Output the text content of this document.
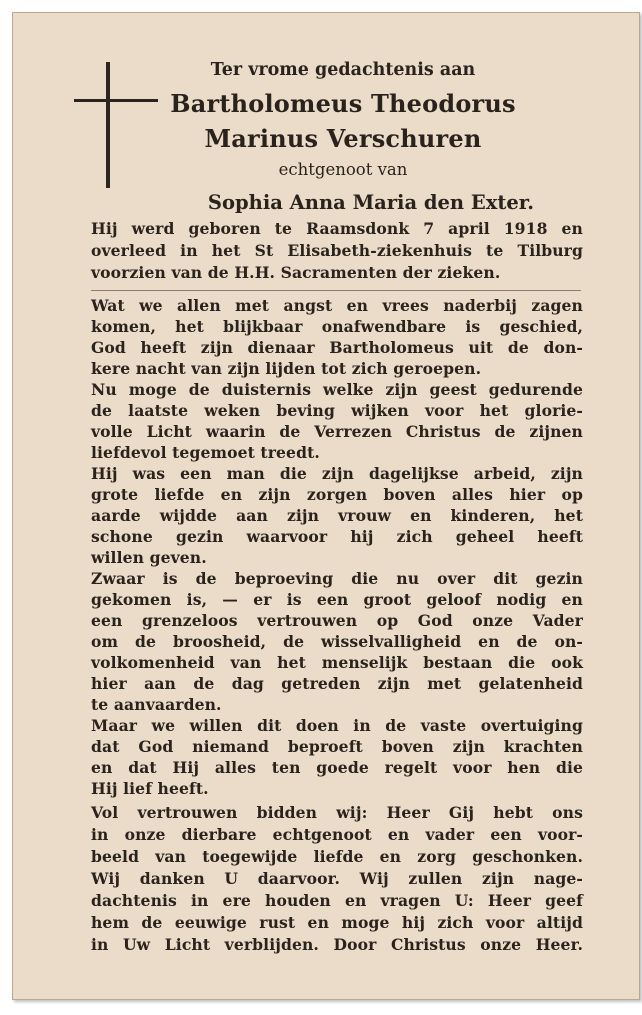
Ter vrome gedachtenis aan
Bartholomeus Theodorus
Marinus Verschuren
echtgenoot van
Sophia Anna Maria den Exter.
Hij werd geboren te Raamsdonk 7 april 1918 en
overleed in het St Elisabeth-ziekenhuis te Tilburg
voorzien van de H.H. Sacramenten der zieken.
Wat we allen met angst en vrees naderbij zagen
komen, het blijkbaar onafwendbare is geschied,
God heeft zijn dienaar Bartholomeus uit de don-
kere nacht van zijn lijden tot zich geroepen.
Nu moge de duisternis welke zijn geest gedurende
de laatste weken beving wijken voor het glorie-
volle Licht waarin de Verrezen Christus de zijnen
liefdevol tegemoet treedt.
Hij was een man die zijn dagelijkse arbeid, zijn
grote liefde en zijn zorgen boven alles hier op
aarde wijdde aan zijn vrouw en kinderen, het
schone gezin waarvoor hij zich geheel heeft
willen geven.
Zwaar is de beproeving die nu over dit gezin
gekomen is, — er is een groot geloof nodig en
een grenzeloos vertrouwen op God onze Vader
om de broosheid, de wisselvalligheid en de on-
volkomenheid van het menselijk bestaan die ook
hier aan de dag getreden zijn met gelatenheid
te aanvaarden.
Maar we willen dit doen in de vaste overtuiging
dat God niemand beproeft boven zijn krachten
en dat Hij alles ten goede regelt voor hen die
Hij lief heeft.
Vol vertrouwen bidden wij: Heer Gij hebt ons
in onze dierbare echtgenoot en vader een voor-
beeld van toegewijde liefde en zorg geschonken.
Wij danken U daarvoor. Wij zullen zijn nage-
dachtenis in ere houden en vragen U: Heer geef
hem de eeuwige rust en moge hij zich voor altijd
in Uw Licht verblijden. Door Christus onze Heer.
